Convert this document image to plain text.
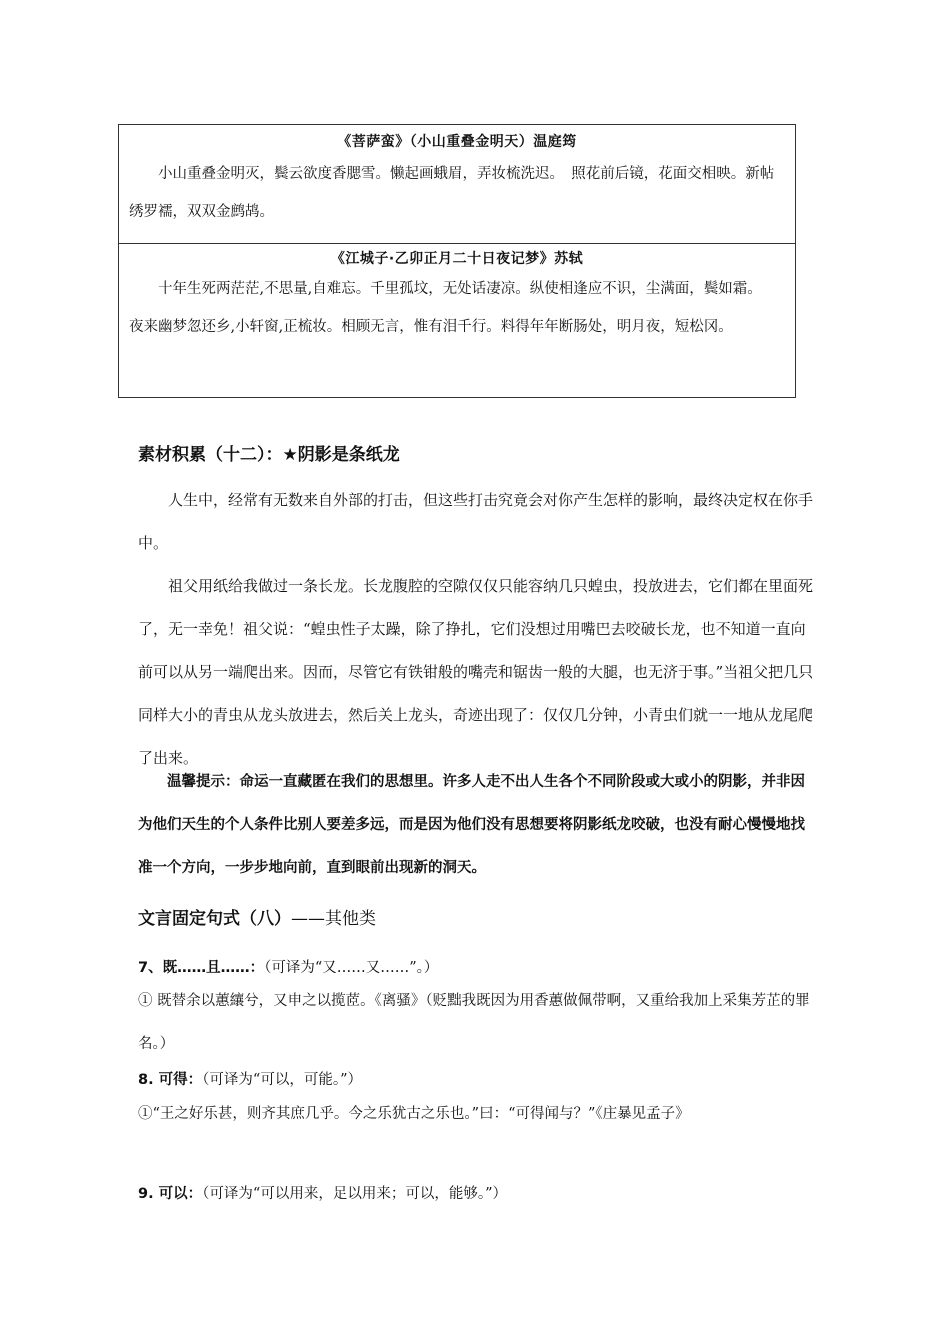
《菩萨蛮》（小山重叠金明天）温庭筠
小山重叠金明灭，鬓云欲度香腮雪。懒起画蛾眉，弄妆梳洗迟。　照花前后镜，花面交相映。新帖绣罗襦，双双金鹧鸪。
《江城子·乙卯正月二十日夜记梦》苏轼
十年生死两茫茫,不思量,自难忘。千里孤坟，无处话凄凉。纵使相逢应不识，尘满面，鬓如霜。　夜来幽梦忽还乡,小轩窗,正梳妆。相顾无言，惟有泪千行。料得年年断肠处，明月夜，短松冈。
素材积累（十二）：★阴影是条纸龙

人生中，经常有无数来自外部的打击，但这些打击究竟会对你产生怎样的影响，最终决定权在你手中。

祖父用纸给我做过一条长龙。长龙腹腔的空隙仅仅只能容纳几只蝗虫，投放进去，它们都在里面死了，无一幸免！祖父说：“蝗虫性子太躁，除了挣扎，它们没想过用嘴巴去咬破长龙，也不知道一直向前可以从另一端爬出来。因而，尽管它有铁钳般的嘴壳和锯齿一般的大腿，也无济于事。”当祖父把几只同样大小的青虫从龙头放进去，然后关上龙头，奇迹出现了：仅仅几分钟，小青虫们就一一地从龙尾爬了出来。

温馨提示：命运一直藏匿在我们的思想里。许多人走不出人生各个不同阶段或大或小的阴影，并非因为他们天生的个人条件比别人要差多远，而是因为他们没有思想要将阴影纸龙咬破，也没有耐心慢慢地找准一个方向，一步步地向前，直到眼前出现新的洞天。

文言固定句式（八）——其他类

7、既……且……：（可译为“又……又……”。）

① 既替余以蕙纕兮，又申之以揽茝。《离骚》（贬黜我既因为用香蕙做佩带啊，又重给我加上采集芳芷的罪名。）

8. 可得：（可译为“可以，可能。”）

①“王之好乐甚，则齐其庶几乎。今之乐犹古之乐也。”曰：“可得闻与？”《庄暴见孟子》

9. 可以：（可译为“可以用来，足以用来；可以，能够。”）
